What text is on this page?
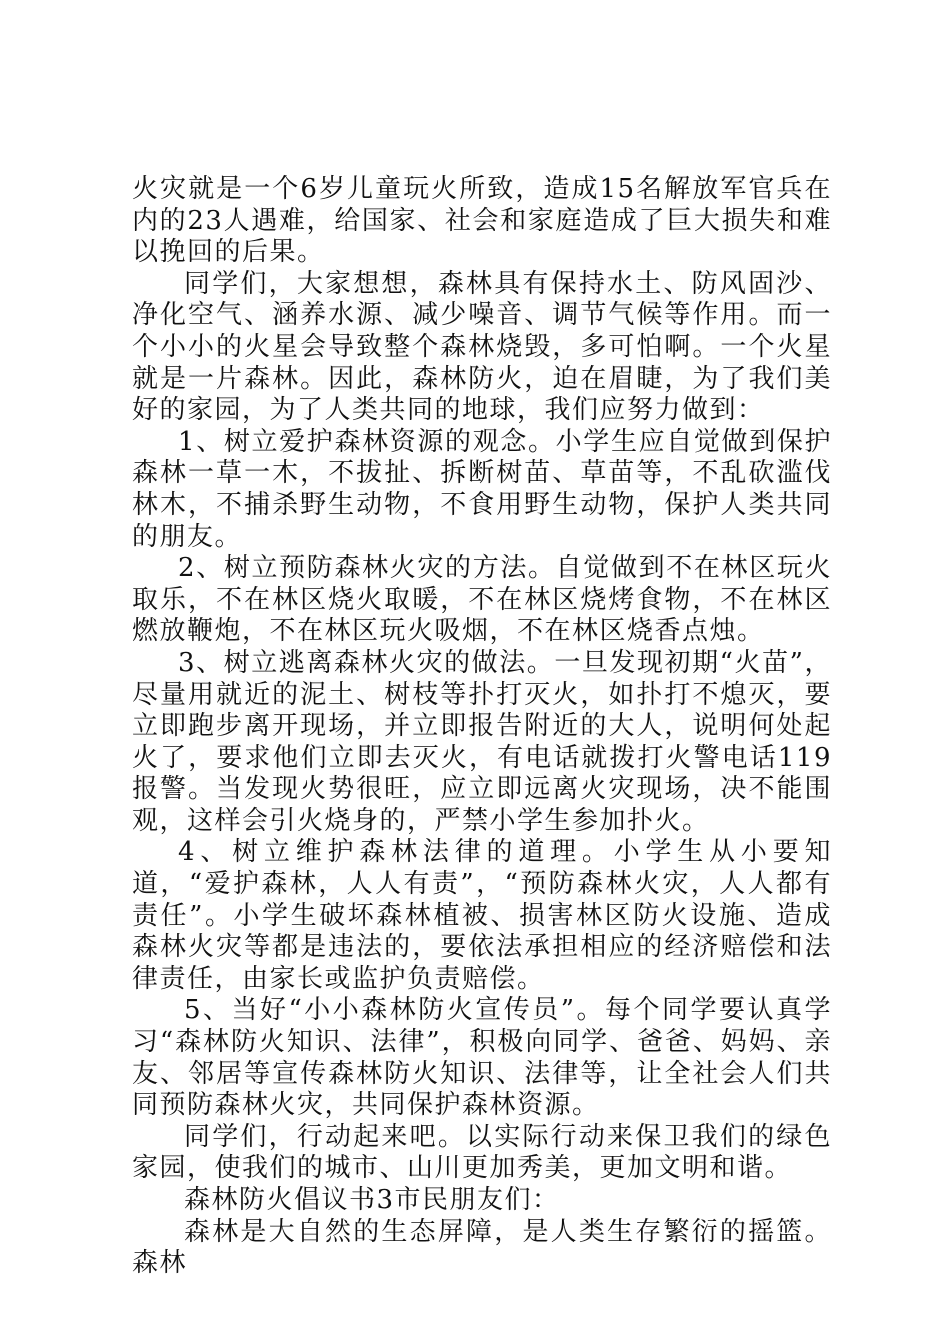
火灾就是一个6岁儿童玩火所致，造成15名解放军官兵在内的23人遇难，给国家、社会和家庭造成了巨大损失和难以挽回的后果。

同学们，大家想想，森林具有保持水土、防风固沙、净化空气、涵养水源、减少噪音、调节气候等作用。而一个小小的火星会导致整个森林烧毁，多可怕啊。一个火星就是一片森林。因此，森林防火，迫在眉睫，为了我们美好的家园，为了人类共同的地球，我们应努力做到：

1、树立爱护森林资源的观念。小学生应自觉做到保护森林一草一木，不拔扯、拆断树苗、草苗等，不乱砍滥伐林木，不捕杀野生动物，不食用野生动物，保护人类共同的朋友。

2、树立预防森林火灾的方法。自觉做到不在林区玩火取乐，不在林区烧火取暖，不在林区烧烤食物，不在林区燃放鞭炮，不在林区玩火吸烟，不在林区烧香点烛。

3、树立逃离森林火灾的做法。一旦发现初期“火苗”，尽量用就近的泥土、树枝等扑打灭火，如扑打不熄灭，要立即跑步离开现场，并立即报告附近的大人，说明何处起火了，要求他们立即去灭火，有电话就拨打火警电话119报警。当发现火势很旺，应立即远离火灾现场，决不能围观，这样会引火烧身的，严禁小学生参加扑火。

4、树立维护森林法律的道理。小学生从小要知道，“爱护森林，人人有责”，“预防森林火灾，人人都有责任”。小学生破坏森林植被、损害林区防火设施、造成森林火灾等都是违法的，要依法承担相应的经济赔偿和法律责任，由家长或监护负责赔偿。

5、当好“小小森林防火宣传员”。每个同学要认真学习“森林防火知识、法律”，积极向同学、爸爸、妈妈、亲友、邻居等宣传森林防火知识、法律等，让全社会人们共同预防森林火灾，共同保护森林资源。

同学们，行动起来吧。以实际行动来保卫我们的绿色家园，使我们的城市、山川更加秀美，更加文明和谐。

森林防火倡议书3市民朋友们：

森林是大自然的生态屏障，是人类生存繁衍的摇篮。森林
